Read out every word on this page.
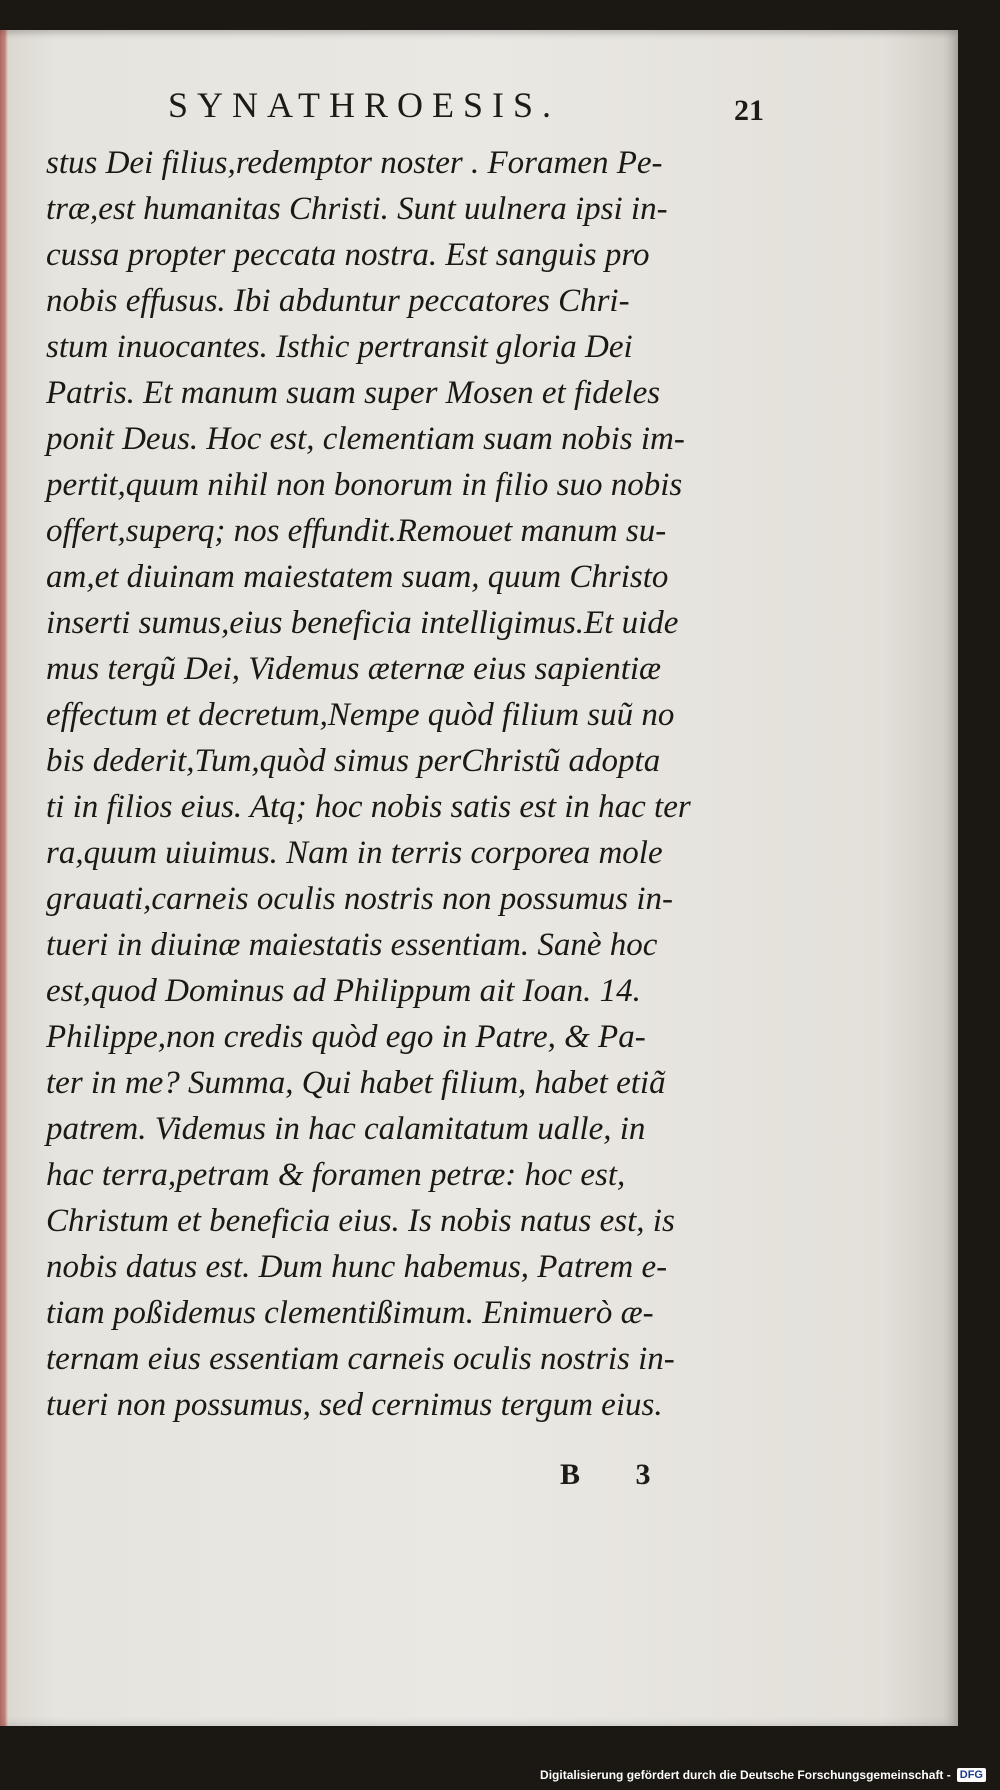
SYNATHROESIS.	21
stus Dei filius,redemptor noster . Foramen Pe-
træ,est humanitas Christi. Sunt uulnera ipsi in-
cussa propter peccata nostra. Est sanguis pro
nobis effusus. Ibi abduntur peccatores Chri-
stum inuocantes. Isthic pertransit gloria Dei
Patris. Et manum suam super Mosen et fideles
ponit Deus. Hoc est, clementiam suam nobis im-
pertit,quum nihil non bonorum in filio suo nobis
offert,superq; nos effundit.Remouet manum su-
am,et diuinam maiestatem suam, quum Christo
inserti sumus,eius beneficia intelligimus.Et uide
mus tergũ Dei, Videmus æternæ eius sapientiæ
effectum et decretum,Nempe quòd filium suũ no
bis dederit,Tum,quòd simus perChristũ adopta
ti in filios eius. Atq; hoc nobis satis est in hac ter
ra,quum uiuimus. Nam in terris corporea mole
grauati,carneis oculis nostris non possumus in-
tueri in diuinæ maiestatis essentiam. Sanè hoc
est,quod Dominus ad Philippum ait Ioan. 14.
Philippe,non credis quòd ego in Patre, & Pa-
ter in me? Summa, Qui habet filium, habet etiã
patrem. Videmus in hac calamitatum ualle, in
hac terra,petram & foramen petræ: hoc est,
Christum et beneficia eius. Is nobis natus est, is
nobis datus est. Dum hunc habemus, Patrem e-
tiam poßidemus clementißimum. Enimuerò æ-
ternam eius essentiam carneis oculis nostris in-
tueri non possumus, sed cernimus tergum eius.
B 3
Digitalisierung gefördert durch die Deutsche Forschungsgemeinschaft - DFG
